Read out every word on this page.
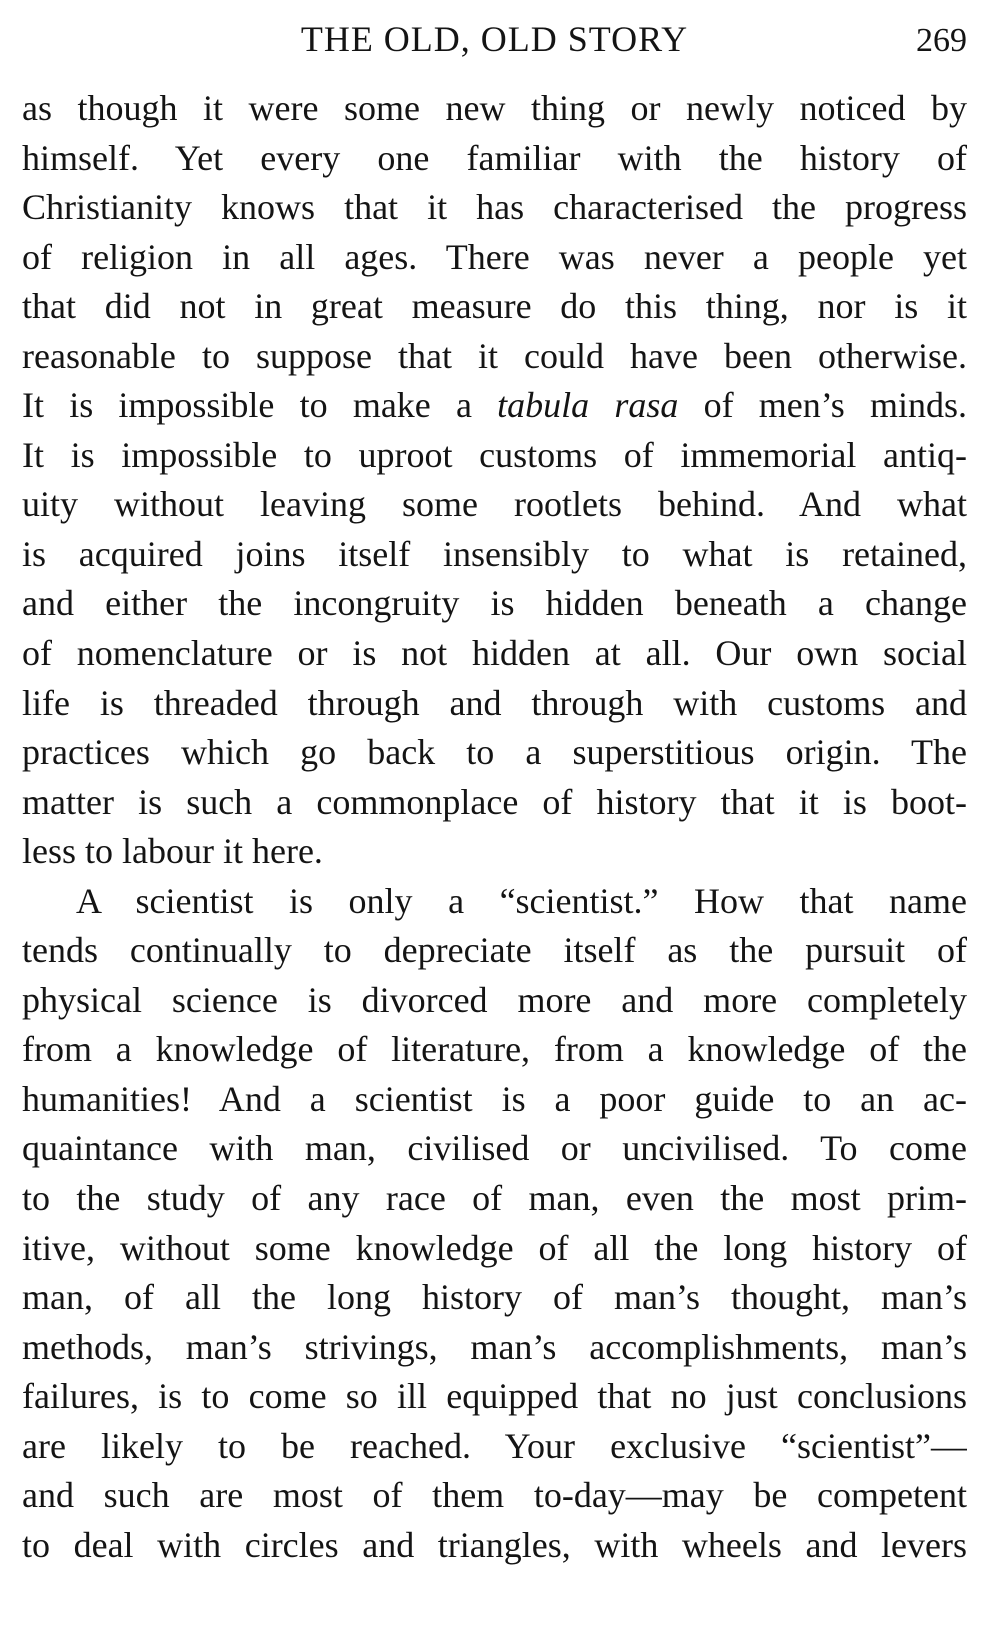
THE OLD, OLD STORY	269
as though it were some new thing or newly noticed by
himself. Yet every one familiar with the history of
Christianity knows that it has characterised the progress
of religion in all ages. There was never a people yet
that did not in great measure do this thing, nor is it
reasonable to suppose that it could have been otherwise.
It is impossible to make a tabula rasa of men’s minds.
It is impossible to uproot customs of immemorial antiq-
uity without leaving some rootlets behind. And what
is acquired joins itself insensibly to what is retained,
and either the incongruity is hidden beneath a change
of nomenclature or is not hidden at all. Our own social
life is threaded through and through with customs and
practices which go back to a superstitious origin. The
matter is such a commonplace of history that it is boot-
less to labour it here.
A scientist is only a “scientist.” How that name
tends continually to depreciate itself as the pursuit of
physical science is divorced more and more completely
from a knowledge of literature, from a knowledge of the
humanities! And a scientist is a poor guide to an ac-
quaintance with man, civilised or uncivilised. To come
to the study of any race of man, even the most prim-
itive, without some knowledge of all the long history of
man, of all the long history of man’s thought, man’s
methods, man’s strivings, man’s accomplishments, man’s
failures, is to come so ill equipped that no just conclusions
are likely to be reached. Your exclusive “scientist”—
and such are most of them to-day—may be competent
to deal with circles and triangles, with wheels and levers
